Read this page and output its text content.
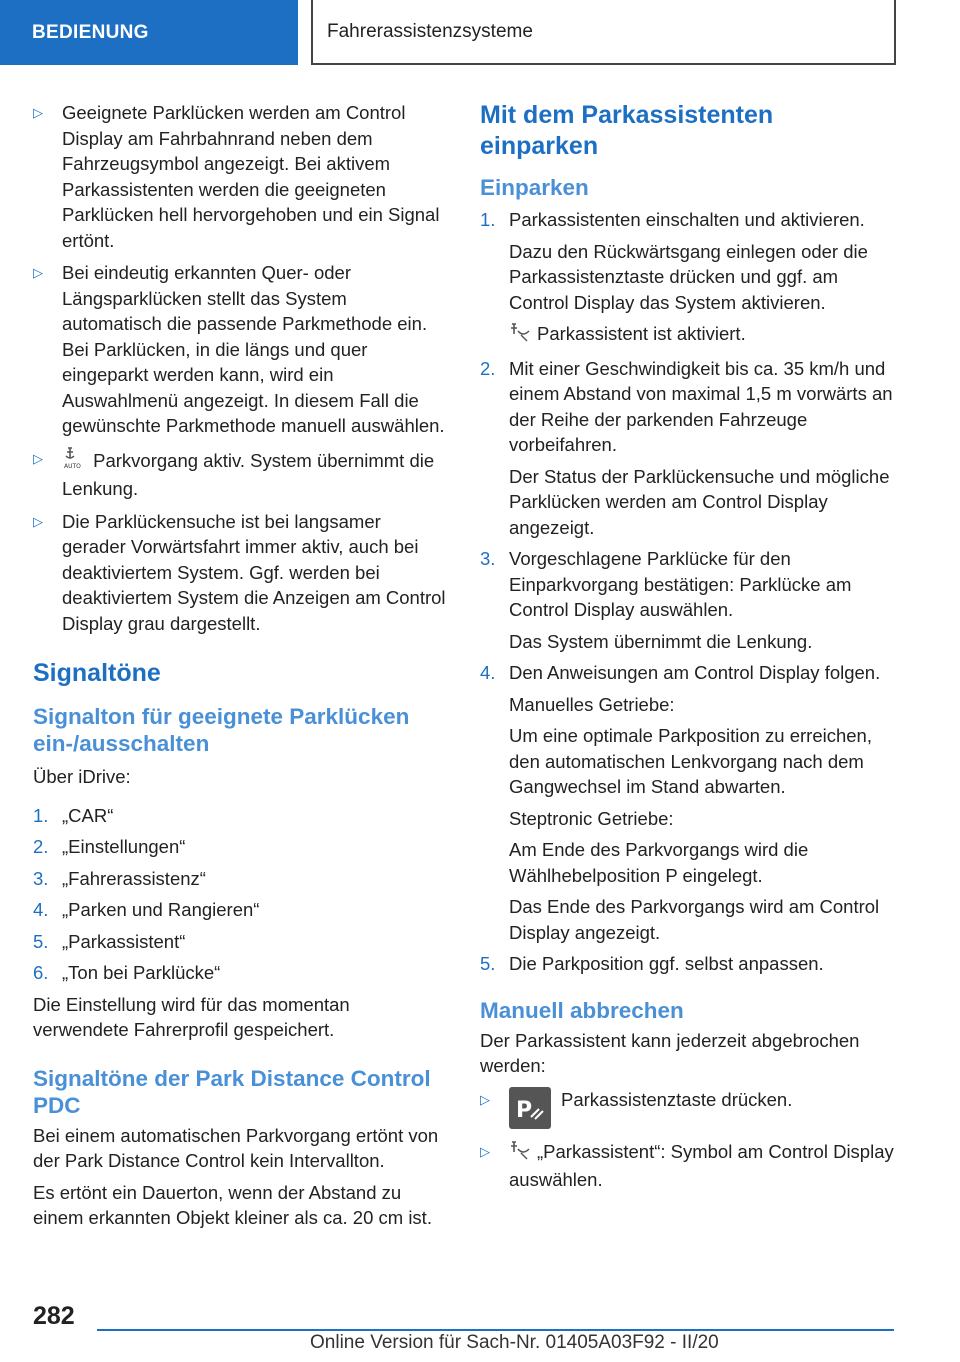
BEDIENUNG	Fahrerassistenzsysteme
▷ Geeignete Parklücken werden am Control Display am Fahrbahnrand neben dem Fahrzeugsymbol angezeigt. Bei aktivem Parkassistenten werden die geeigneten Parklücken hell hervorgehoben und ein Signal ertönt.
▷ Bei eindeutig erkannten Quer- oder Längsparklücken stellt das System automatisch die passende Parkmethode ein. Bei Parklücken, in die längs und quer eingeparkt werden kann, wird ein Auswahlmenü angezeigt. In diesem Fall die gewünschte Parkmethode manuell auswählen.
▷
AUTO Parkvorgang aktiv. System übernimmt die Lenkung.
▷ Die Parklückensuche ist bei langsamer gerader Vorwärtsfahrt immer aktiv, auch bei deaktiviertem System. Ggf. werden bei deaktiviertem System die Anzeigen am Control Display grau dargestellt.
Signaltöne
Signalton für geeignete Parklücken ein-/ausschalten

Über iDrive:

1. „CAR“
2. „Einstellungen“
3. „Fahrerassistenz“
4. „Parken und Rangieren“
5. „Parkassistent“
6. „Ton bei Parklücke“

Die Einstellung wird für das momentan verwendete Fahrerprofil gespeichert.

Signaltöne der Park Distance Control PDC

Bei einem automatischen Parkvorgang ertönt von der Park Distance Control kein Intervallton.

Es ertönt ein Dauerton, wenn der Abstand zu einem erkannten Objekt kleiner als ca. 20 cm ist.

Mit dem Parkassistenten einparken
Einparken
1. Parkassistenten einschalten und aktivieren.

Dazu den Rückwärtsgang einlegen oder die Parkassistenztaste drücken und ggf. am Control Display das System aktivieren.

Parkassistent ist aktiviert.

2. Mit einer Geschwindigkeit bis ca. 35 km/h und einem Abstand von maximal 1,5 m vorwärts an der Reihe der parkenden Fahrzeuge vorbeifahren.

Der Status der Parklückensuche und mögliche Parklücken werden am Control Display angezeigt.

3. Vorgeschlagene Parklücke für den Einparkvorgang bestätigen: Parklücke am Control Display auswählen.

Das System übernimmt die Lenkung.

4. Den Anweisungen am Control Display folgen.

Manuelles Getriebe:

Um eine optimale Parkposition zu erreichen, den automatischen Lenkvorgang nach dem Gangwechsel im Stand abwarten.

Steptronic Getriebe:

Am Ende des Parkvorgangs wird die Wählhebelposition P eingelegt.

Das Ende des Parkvorgangs wird am Control Display angezeigt.

5. Die Parkposition ggf. selbst anpassen.
Manuell abbrechen

Der Parkassistent kann jederzeit abgebrochen werden:

▷ P Parkassistenztaste drücken.
▷	„Parkassistent“: Symbol am Control Display auswählen.
282
Online Version für Sach-Nr. 01405A03F92 - II/20
